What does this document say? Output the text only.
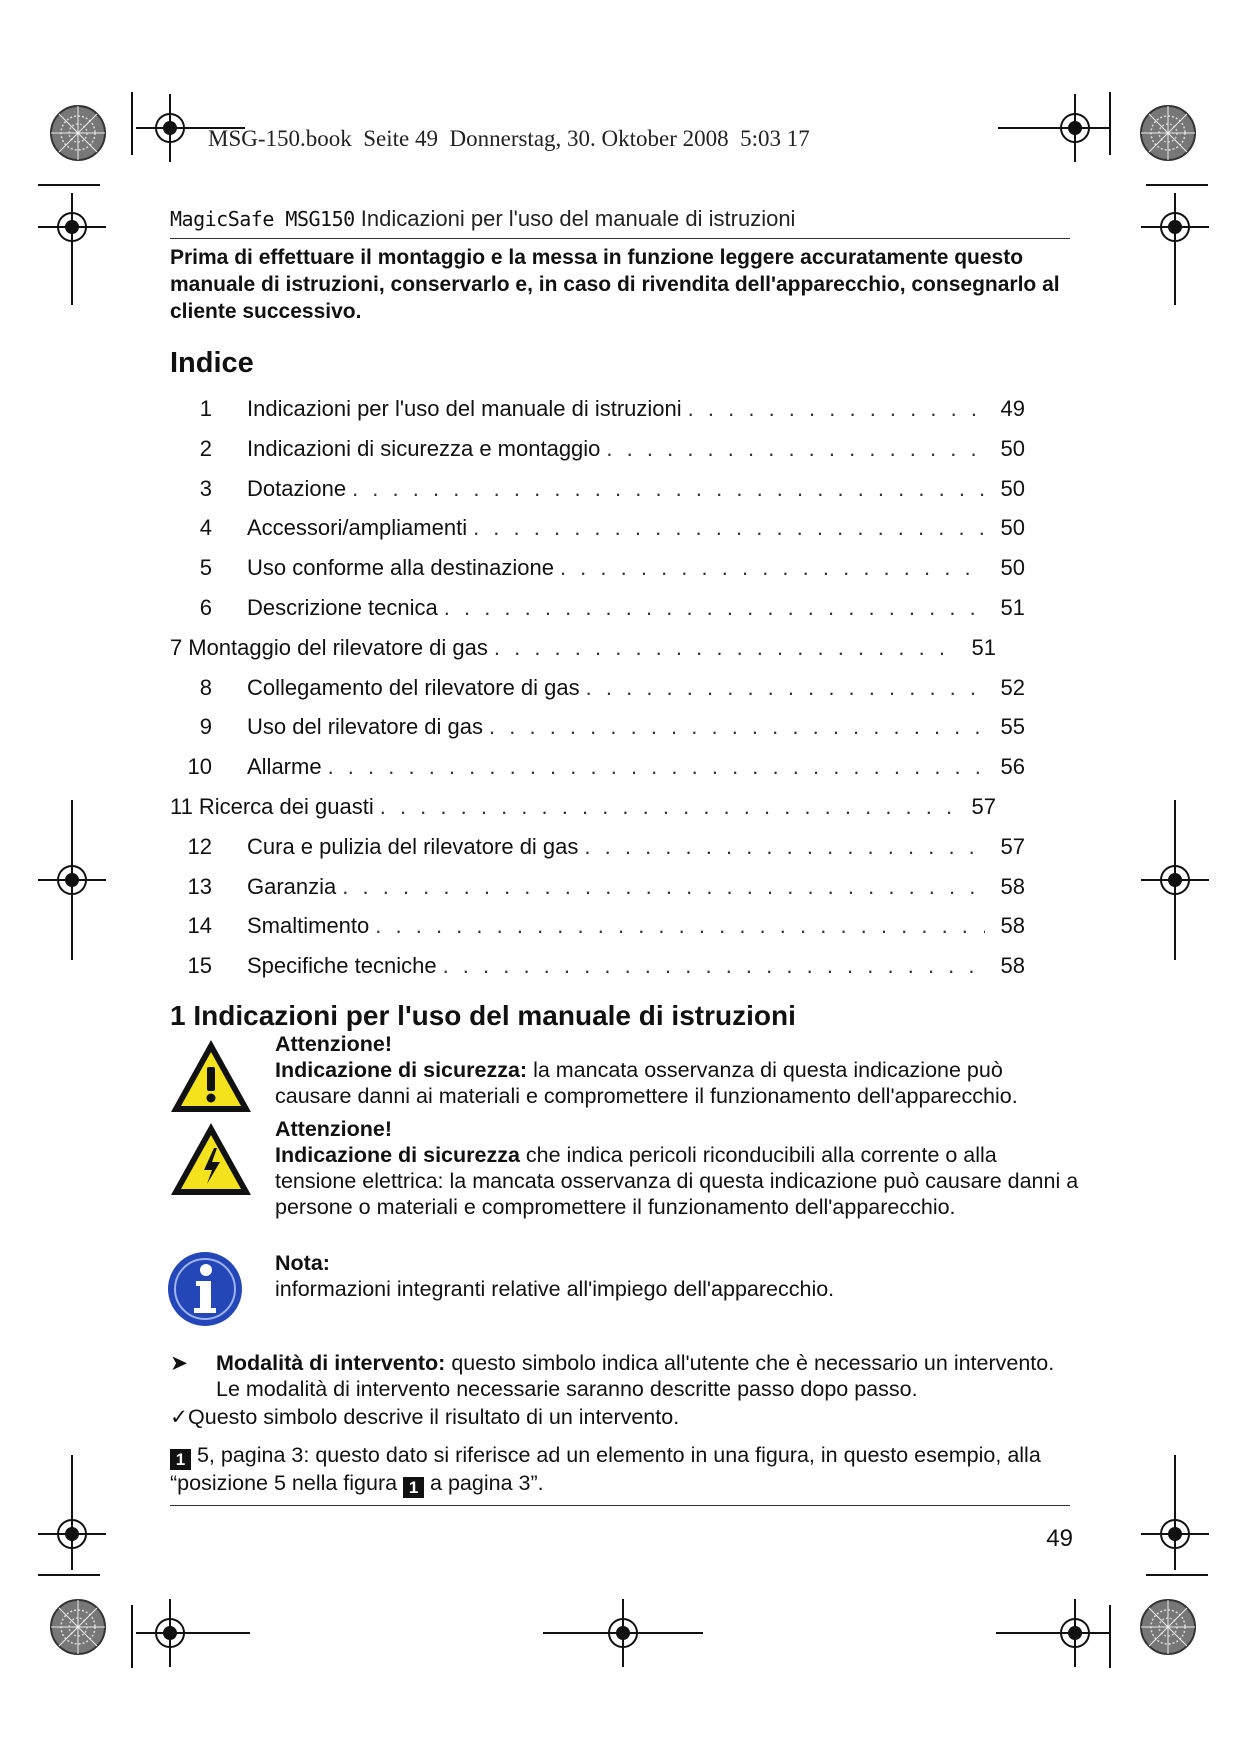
MSG-150.book  Seite 49  Donnerstag, 30. Oktober 2008  5:03 17
MagicSafe MSG150 Indicazioni per l'uso del manuale di istruzioni
Prima di effettuare il montaggio e la messa in funzione leggere accuratamente questo manuale di istruzioni, conservarlo e, in caso di rivendita dell'apparecchio, consegnarlo al cliente successivo.
Indice
1 Indicazioni per l'uso del manuale di istruzioni . . .	49
2 Indicazioni di sicurezza e montaggio . . .	50
3 Dotazione . . .	50
4 Accessori/ampliamenti . . .	50
5 Uso conforme alla destinazione . . .	50
6 Descrizione tecnica . . .	51
7 Montaggio del rilevatore di gas . . .	51
8 Collegamento del rilevatore di gas . . .	52
9 Uso del rilevatore di gas . . .	55
10 Allarme . . .	56
11 Ricerca dei guasti . . .	57
12 Cura e pulizia del rilevatore di gas . . .	57
13 Garanzia . . .	58
14 Smaltimento . . .	58
15 Specifiche tecniche . . .	58
1 Indicazioni per l'uso del manuale di istruzioni
Attenzione!
Indicazione di sicurezza: la mancata osservanza di questa indicazione può causare danni ai materiali e compromettere il funzionamento dell'apparecchio.
Attenzione!
Indicazione di sicurezza che indica pericoli riconducibili alla corrente o alla tensione elettrica: la mancata osservanza di questa indicazione può causare danni a persone o materiali e compromettere il funzionamento dell'apparecchio.
Nota:
informazioni integranti relative all'impiego dell'apparecchio.
➤	Modalità di intervento: questo simbolo indica all'utente che è necessario un intervento. Le modalità di intervento necessarie saranno descritte passo dopo passo.
✓Questo simbolo descrive il risultato di un intervento.
1 5, pagina 3: questo dato si riferisce ad un elemento in una figura, in questo esempio, alla “posizione 5 nella figura 1 a pagina 3”.
49
